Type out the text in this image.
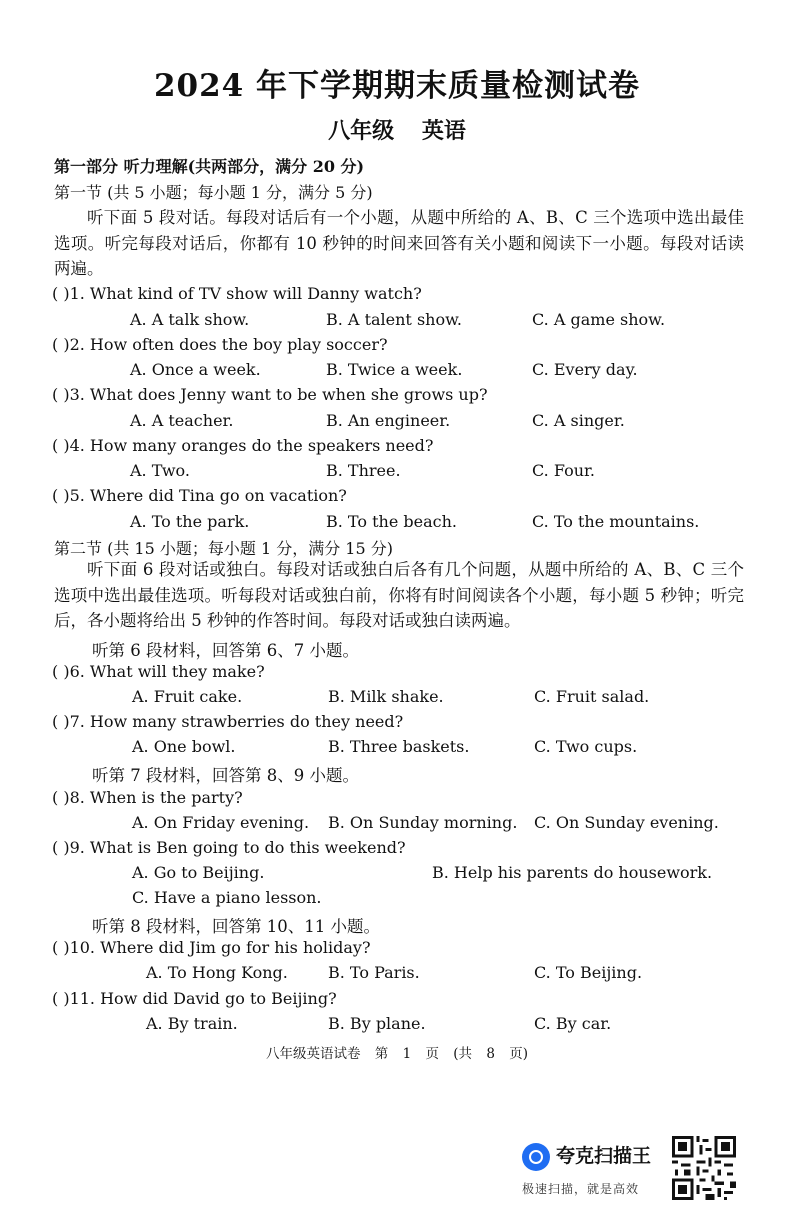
2024 年下学期期末质量检测试卷
八年级 英语
第一部分 听力理解(共两部分，满分 20 分)
第一节 (共 5 小题；每小题 1 分，满分 5 分)
听下面 5 段对话。每段对话后有一个小题，从题中所给的 A、B、C 三个选项中选出最佳选项。听完每段对话后，你都有 10 秒钟的时间来回答有关小题和阅读下一小题。每段对话读两遍。
( )1. What kind of TV show will Danny watch?
A. A talk show.	B. A talent show.	C. A game show.
( )2. How often does the boy play soccer?
A. Once a week.	B. Twice a week.	C. Every day.
( )3. What does Jenny want to be when she grows up?
A. A teacher.	B. An engineer.	C. A singer.
( )4. How many oranges do the speakers need?
A. Two.	B. Three.	C. Four.
( )5. Where did Tina go on vacation?
A. To the park.	B. To the beach.	C. To the mountains.
第二节 (共 15 小题；每小题 1 分，满分 15 分)
听下面 6 段对话或独白。每段对话或独白后各有几个问题，从题中所给的 A、B、C 三个选项中选出最佳选项。听每段对话或独白前，你将有时间阅读各个小题，每小题 5 秒钟；听完后，各小题将给出 5 秒钟的作答时间。每段对话或独白读两遍。
听第 6 段材料，回答第 6、7 小题。
( )6. What will they make?
A. Fruit cake.	B. Milk shake.	C. Fruit salad.
( )7. How many strawberries do they need?
A. One bowl.	B. Three baskets.	C. Two cups.
听第 7 段材料，回答第 8、9 小题。
( )8. When is the party?
A. On Friday evening. B. On Sunday morning. C. On Sunday evening.
( )9. What is Ben going to do this weekend?
A. Go to Beijing.	B. Help his parents do housework.
C. Have a piano lesson.
听第 8 段材料，回答第 10、11 小题。
( )10. Where did Jim go for his holiday?
A. To Hong Kong.	B. To Paris.	C. To Beijing.
( )11. How did David go to Beijing?
A. By train.	B. By plane.	C. By car.
八年级英语试卷 第 1 页 (共 8 页)
夸克扫描王
极速扫描，就是高效
